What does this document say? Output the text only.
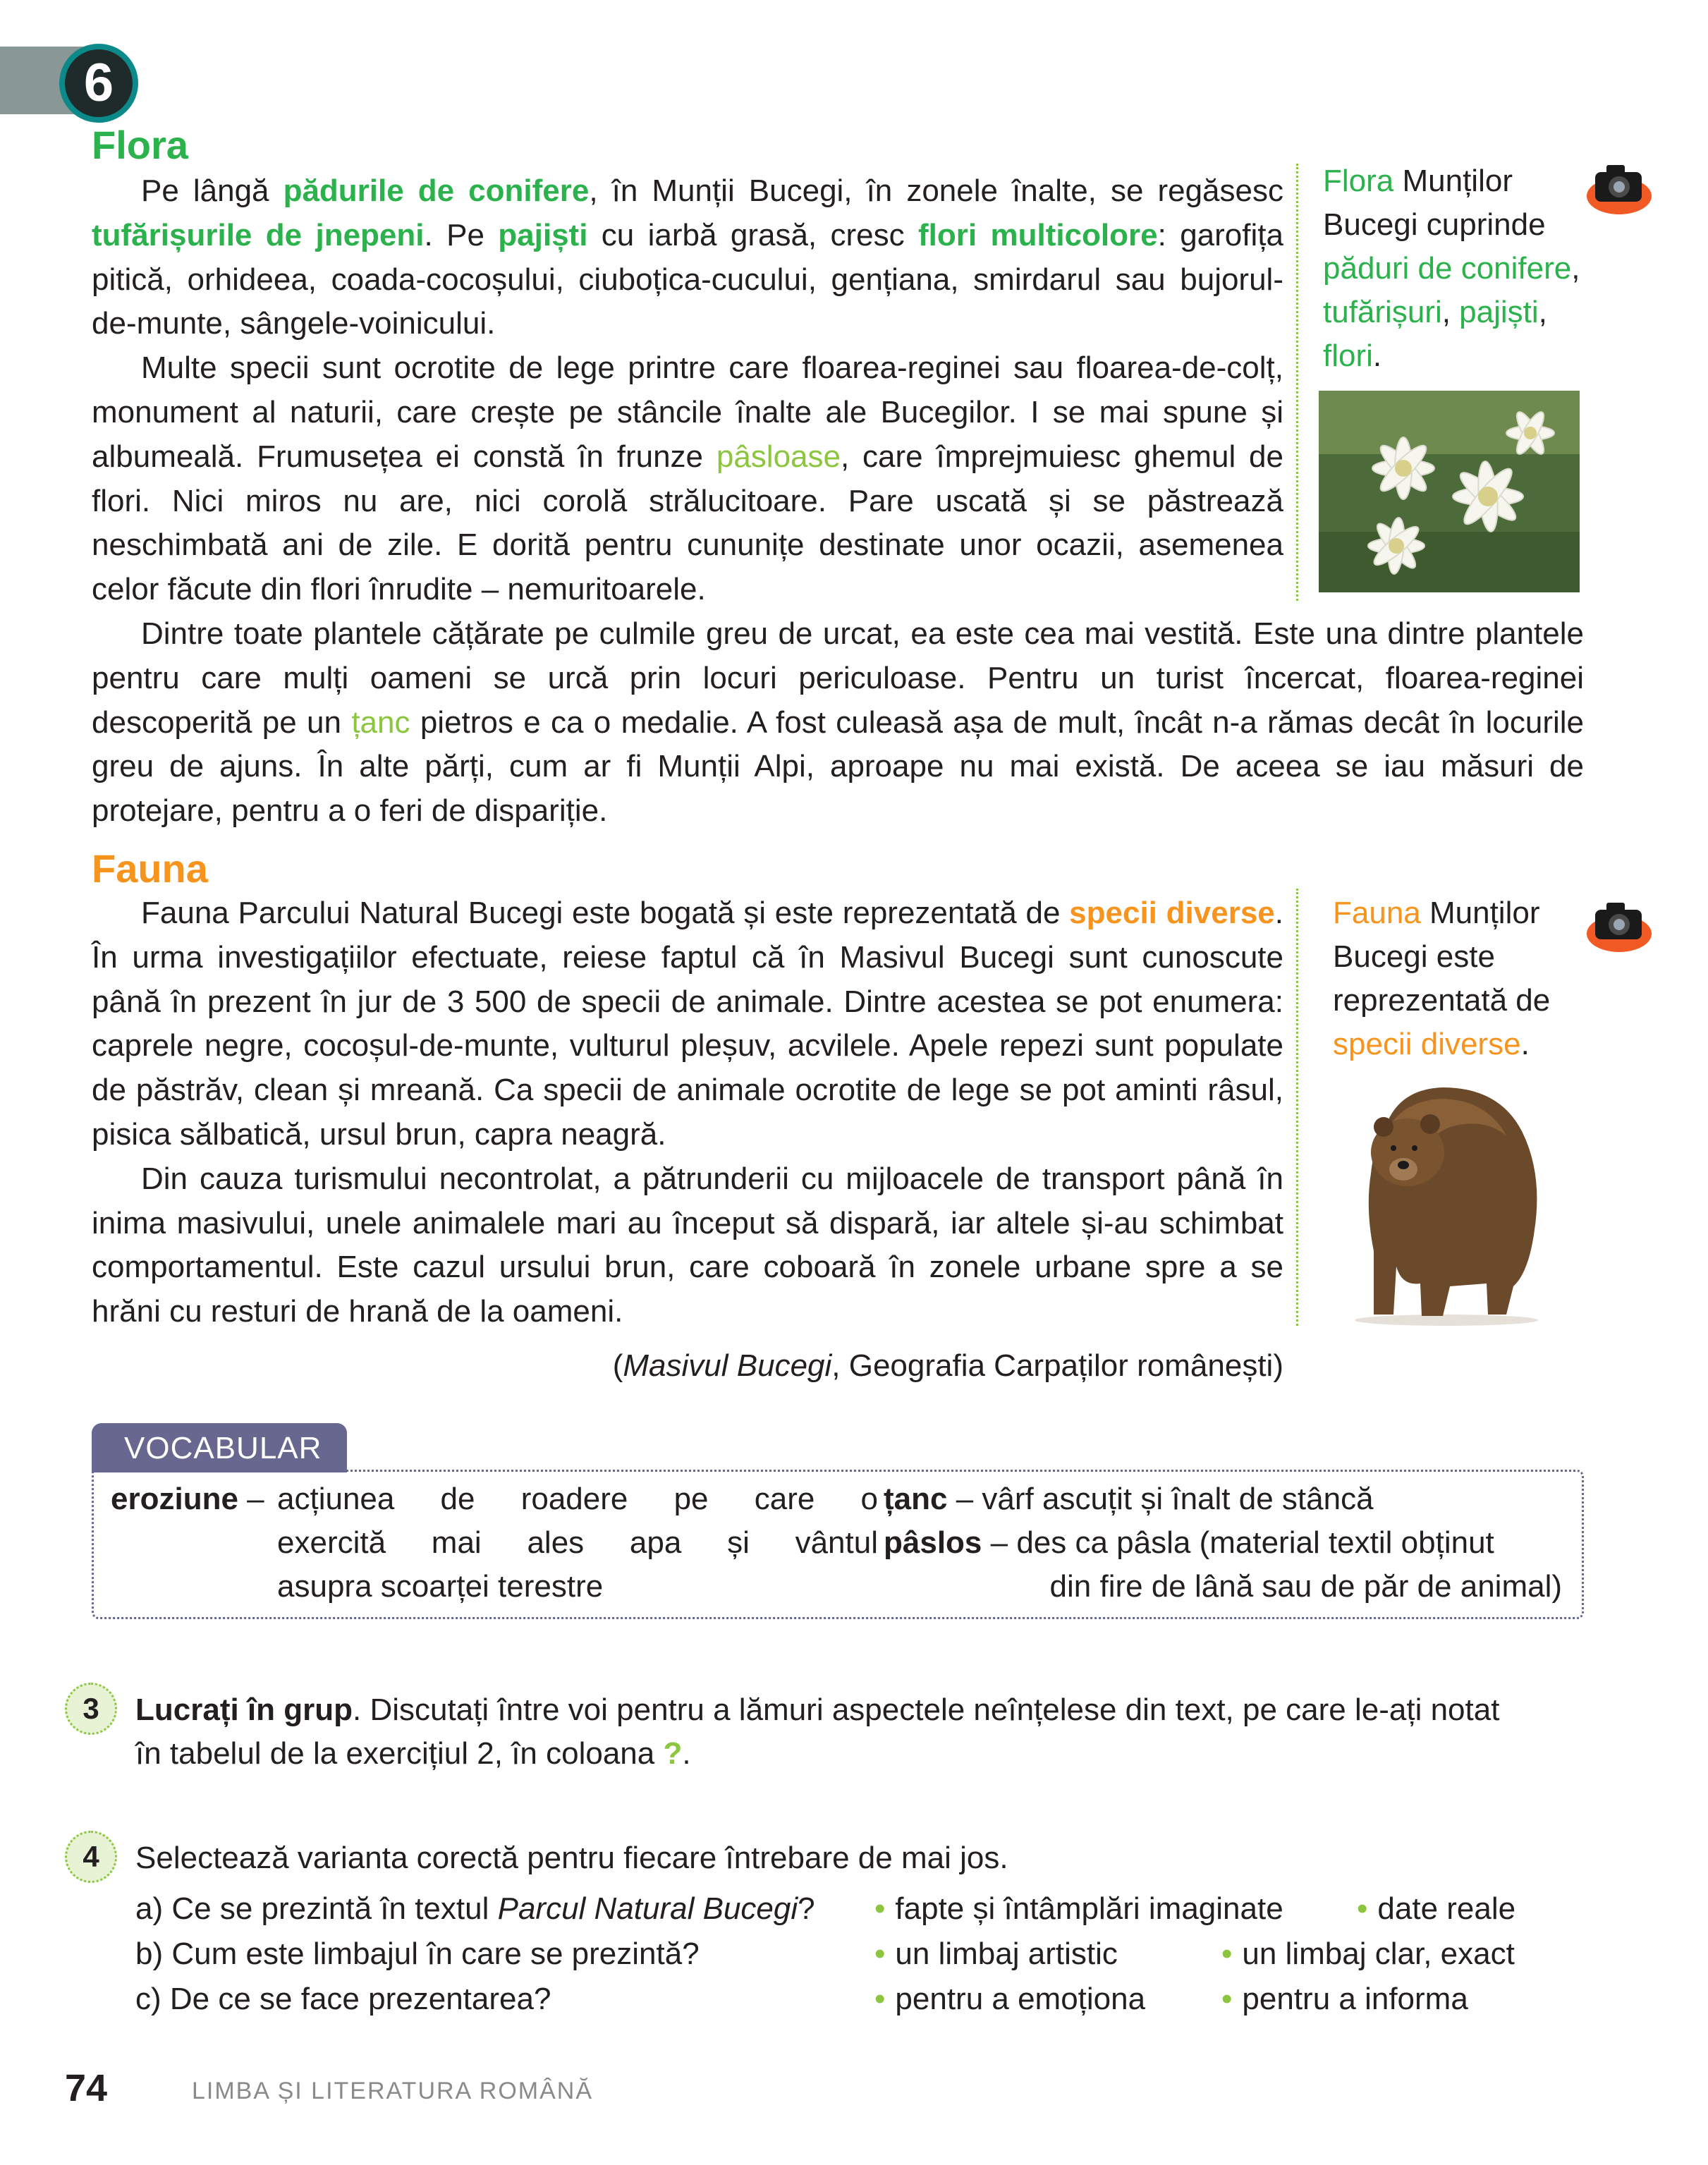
6
Flora

Pe lângă pădurile de conifere, în Munții Bucegi, în zonele înalte, se regăsesc tufărișurile de jnepeni. Pe pajiști cu iarbă grasă, cresc flori multicolore: garofița pitică, orhideea, coada-cocoșului, ciuboțica-cucului, gențiana, smirdarul sau bujorul-de-munte, sângele-voinicului.

Multe specii sunt ocrotite de lege printre care floarea-reginei sau floarea-de-colț, monument al naturii, care crește pe stâncile înalte ale Bucegilor. I se mai spune și albumeală. Frumusețea ei constă în frunze pâsloase, care împrejmuiesc ghemul de flori. Nici miros nu are, nici corolă strălucitoare. Pare uscată și se păstrează neschimbată ani de zile. E dorită pentru cununițe destinate unor ocazii, asemenea celor făcute din flori înrudite – nemuritoarele.

Dintre toate plantele cățărate pe culmile greu de urcat, ea este cea mai vestită. Este una dintre plantele pentru care mulți oameni se urcă prin locuri periculoase. Pentru un turist încercat, floarea-reginei descoperită pe un țanc pietros e ca o medalie. A fost culeasă așa de mult, încât n-a rămas decât în locurile greu de ajuns. În alte părți, cum ar fi Munții Alpi, aproape nu mai există. De aceea se iau măsuri de protejare, pentru a o feri de dispariție.

Flora Munților Bucegi cuprinde păduri de conifere, tufărișuri, pajiști, flori.
Fauna

Fauna Parcului Natural Bucegi este bogată și este reprezentată de specii diverse. În urma investigațiilor efectuate, reiese faptul că în Masivul Bucegi sunt cunoscute până în prezent în jur de 3 500 de specii de animale. Dintre acestea se pot enumera: caprele negre, cocoșul-de-munte, vulturul pleșuv, acvilele. Apele repezi sunt populate de păstrăv, clean și mreană. Ca specii de animale ocrotite de lege se pot aminti râsul, pisica sălbatică, ursul brun, capra neagră.

Din cauza turismului necontrolat, a pătrunderii cu mijloacele de transport până în inima masivului, unele animalele mari au început să dispară, iar altele și-au schimbat comportamentul. Este cazul ursului brun, care coboară în zonele urbane spre a se hrăni cu resturi de hrană de la oameni.

(Masivul Bucegi, Geografia Carpaților românești)
Fauna Munților Bucegi este reprezentată de specii diverse.
VOCABULAR
eroziune – acțiunea de roadere pe care o
exercită mai ales apa și vântul
asupra scoarței terestre
țanc – vârf ascuțit și înalt de stâncă
pâslos – des ca pâsla (material textil obținut
din fire de lână sau de păr de animal)
3	Lucrați în grup. Discutați între voi pentru a lămuri aspectele neînțelese din text, pe care le-ați notat
în tabelul de la exercițiul 2, în coloana ?.
4	Selectează varianta corectă pentru fiecare întrebare de mai jos.
a) Ce se prezintă în textul Parcul Natural Bucegi? • fapte și întâmplări imaginate • date reale
b) Cum este limbajul în care se prezintă?	• un limbaj artistic	• un limbaj clar, exact
c) De ce se face prezentarea?	• pentru a emoționa • pentru a informa
74	LIMBA ȘI LITERATURA ROMÂNĂ
